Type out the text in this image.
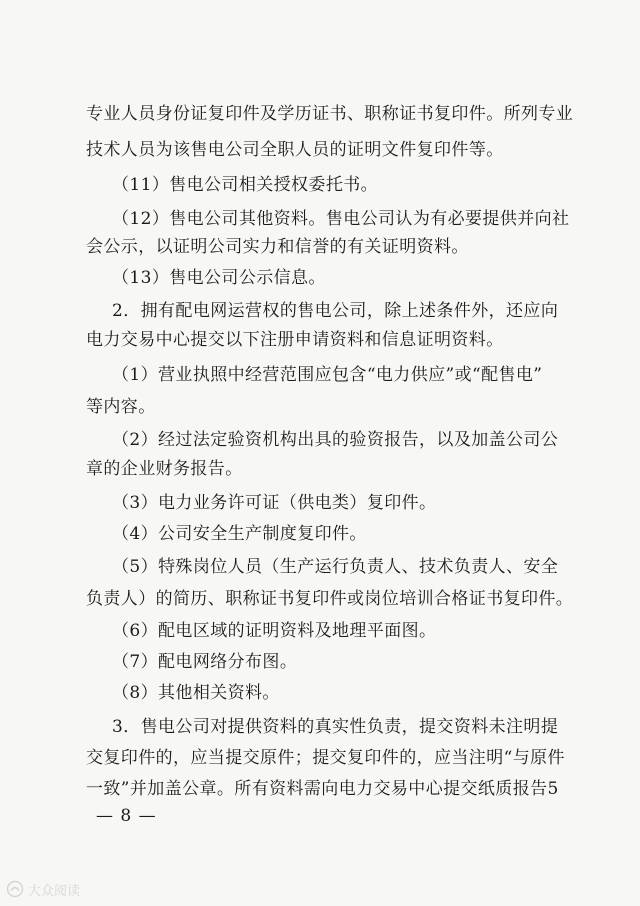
专业人员身份证复印件及学历证书、职称证书复印件。所列专业
技术人员为该售电公司全职人员的证明文件复印件等。
（11）售电公司相关授权委托书。
（12）售电公司其他资料。售电公司认为有必要提供并向社
会公示，以证明公司实力和信誉的有关证明资料。
（13）售电公司公示信息。
2．拥有配电网运营权的售电公司，除上述条件外，还应向
电力交易中心提交以下注册申请资料和信息证明资料。
（1）营业执照中经营范围应包含“电力供应”或“配售电”
等内容。
（2）经过法定验资机构出具的验资报告，以及加盖公司公
章的企业财务报告。
（3）电力业务许可证（供电类）复印件。
（4）公司安全生产制度复印件。
（5）特殊岗位人员（生产运行负责人、技术负责人、安全
负责人）的简历、职称证书复印件或岗位培训合格证书复印件。
（6）配电区域的证明资料及地理平面图。
（7）配电网络分布图。
（8）其他相关资料。
3．售电公司对提供资料的真实性负责，提交资料未注明提
交复印件的，应当提交原件；提交复印件的，应当注明“与原件
一致”并加盖公章。所有资料需向电力交易中心提交纸质报告5
— 8 —
大众阅读
